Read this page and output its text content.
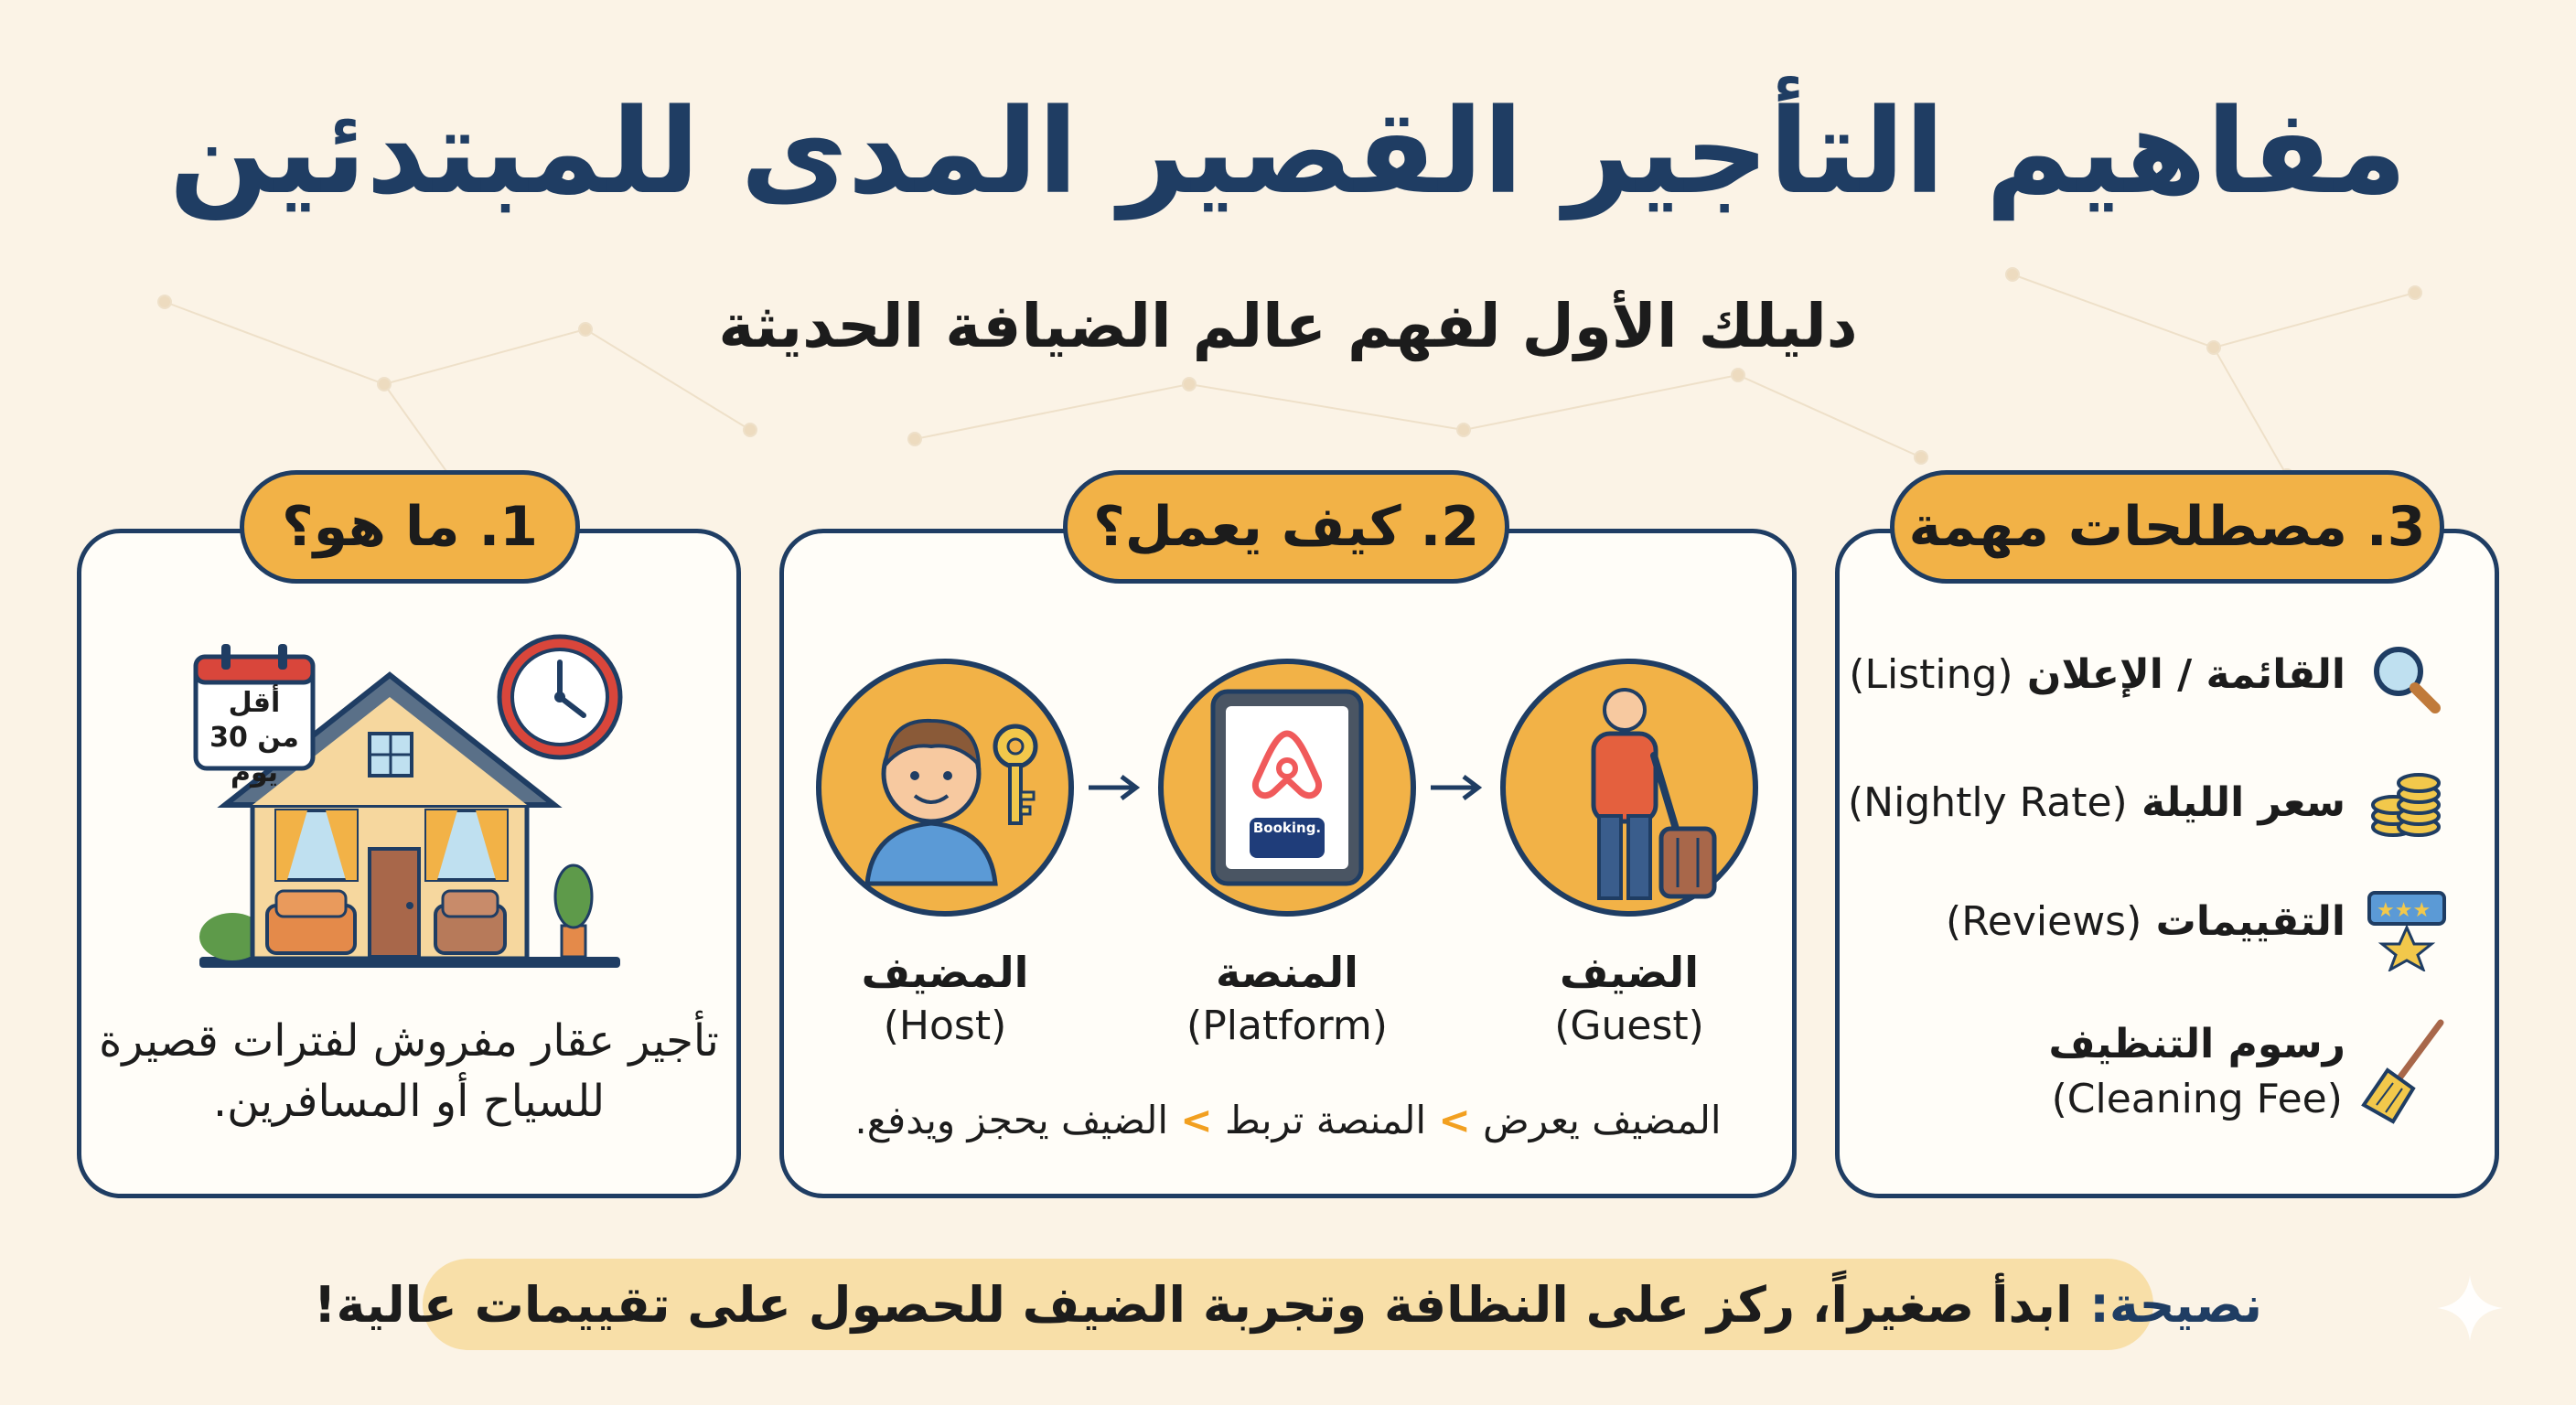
مفاهيم التأجير القصير المدى للمبتدئين
دليلك الأول لفهم عالم الضيافة الحديثة
1. ما هو؟
أقل من 30 يوم
تأجير عقار مفروش لفترات قصيرة
للسياح أو المسافرين.
2. كيف يعمل؟
Booking.
المضيف
(Host)
المنصة
(Platform)
الضيف
(Guest)
المضيف يعرض > المنصة تربط > الضيف يحجز ويدفع.
3. مصطلحات مهمة
القائمة / الإعلان (Listing)
سعر الليلة (Nightly Rate)
التقييمات (Reviews)	★★★
رسوم التنظيف
(Cleaning Fee)
نصيحة:

ابدأ صغيراً، ركز على النظافة وتجربة الضيف للحصول على تقييمات عالية!
